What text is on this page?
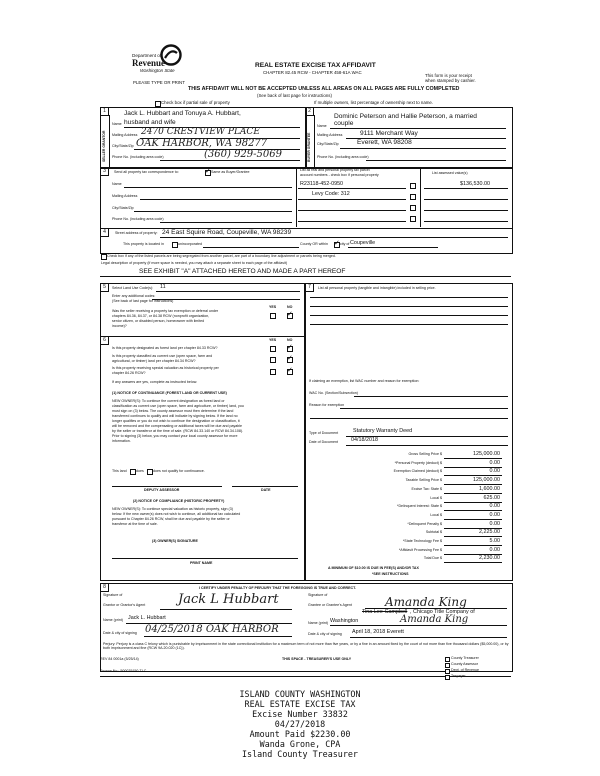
Department of
Revenue
Washington State
PLEASE TYPE OR PRINT
REAL ESTATE EXCISE TAX AFFIDAVIT
CHAPTER 82.45 RCW - CHAPTER 458-61A WAC
This form is your receipt
when stamped by cashier.
THIS AFFIDAVIT WILL NOT BE ACCEPTED UNLESS ALL AREAS ON ALL PAGES ARE FULLY COMPLETED
(See back of last page for instructions)
Check box if partial sale of property	If multiple owners, list percentage of ownership next to name.
1	2
SELLER GRANTOR	BUYER GRANTEE
Jack L. Hubbart and Tonuya A. Hubbart,
Name husband and wife
Mailing Address 2470 CRESTVIEW PLACE
City/State/Zip OAK HARBOR, WA 98277
Phone No. (including area code)	(360) 929-5069
Dominic Peterson and Hallie Peterson, a married
Name couple
Mailing Address	9111 Merchant Way
City/State/Zip	Everett, WA 98208
Phone No. (including area code)
3	Send all property tax correspondence to:	✓ Same as Buyer/Grantee
Name
Mailing Address
City/State/Zip
Phone No. (including area code)
List all real and personal property tax parcel
account numbers - check box if personal property	List assessed value(s)
R23118-452-0950	$136,530.00
Levy Code: 312
4	Street address of property: 24 East Squire Road, Coupeville, WA 98239
This property is located in	unincorporated	County OR within ✓ city of Coupeville
Check box if any of the listed parcels are being segregated from another parcel, are part of a boundary line adjustment or parcels being merged.
Legal description of property (if more space is needed, you may attach a separate sheet to each page of the affidavit)
SEE EXHIBIT "A" ATTACHED HERETO AND MADE A PART HEREOF
5	Select Land Use Code(s): 11
Enter any additional codes:
(See back of last page for instructions)
YES	NO
Was the seller receiving a property tax exemption or deferral under
chapters 84.36, 84.37, or 84.38 RCW (nonprofit organization,
senior citizen, or disabled person, homeowner with limited
income)?
✓
6	YES	NO
Is this property designated as forest land per chapter 84.33 RCW?	✓
Is this property classified as current use (open space, farm and
agricultural, or timber) land per chapter 84.34 RCW?	✓
Is this property receiving special valuation as historical property per
chapter 84.26 RCW?	✓
If any answers are yes, complete as instructed below.
(1) NOTICE OF CONTINUANCE (FOREST LAND OR CURRENT USE)
NEW OWNER(S): To continue the current designation as forest land or
classification as current use (open space, farm and agriculture, or timber) land, you
must sign on (3) below. The county assessor must then determine if the land
transferred continues to qualify and will indicate by signing below. If the land no
longer qualifies or you do not wish to continue the designation or classification, it
will be removed and the compensating or additional taxes will be due and payable
by the seller or transferor at the time of sale. (RCW 84.33.140 or RCW 84.34.108).
Prior to signing (3) below, you may contact your local county assessor for more
information.
This land	does	does not qualify for continuance.
DEPUTY ASSESSOR	DATE
(2) NOTICE OF COMPLIANCE (HISTORIC PROPERTY)
NEW OWNER(S): To continue special valuation as historic property, sign (3)
below. If the new owner(s) does not wish to continue, all additional tax calculated
pursuant to Chapter 84.26 RCW, shall be due and payable by the seller or
transferor at the time of sale.
(3) OWNER(S) SIGNATURE
PRINT NAME
7	List all personal property (tangible and intangible) included in selling price.
If claiming an exemption, list WAC number and reason for exemption:
WAC No. (Section/Subsection)
Reason for exemption
Type of Document	Statutory Warranty Deed
Date of Document 04/18/2018
Gross Selling Price $	125,000.00
*Personal Property (deduct) $	0.00
Exemption Claimed (deduct) $	0.00
Taxable Selling Price $	125,000.00
Excise Tax: State $	1,600.00
Local $	625.00
*Delinquent Interest: State $	0.00
Local $	0.00
*Delinquent Penalty $	0.00
Subtotal $	2,225.00
*State Technology Fee $	5.00
*Affidavit Processing Fee $	0.00
Total Due $	2,230.00
A MINIMUM OF $10.00 IS DUE IN FEE(S) AND/OR TAX
*SEE INSTRUCTIONS
8	I CERTIFY UNDER PENALTY OF PERJURY THAT THE FOREGOING IS TRUE AND CORRECT.
Signature of
Grantor or Grantor's Agent	Jack L Hubbart	Signature of
Grantee or Grantee's Agent	Amanda King
Name (print) Jack L. Hubbart
Name (print)
Tina Lee-Campbell , Chicago Title Company of
Washington	Amanda King
Date & city of signing 04/25/2018 OAK HARBOR	Date & city of signing April 18, 2018 Everett
Perjury: Perjury is a class C felony which is punishable by imprisonment in the state correctional institution for a maximum term of not more than five years, or by a fine in an amount fixed by the court of not more than five thousand dollars ($5,000.00), or by both imprisonment and fine (RCW 9A.20.020 (1C)).
REV 84 0001a (5/25/14)	THIS SPACE - TREASURER'S USE ONLY
Escrow No.: 500079150-TLC
County Treasurer
County Assessor
Dept. of Revenue
Taxpayer
ISLAND COUNTY WASHINGTON
REAL ESTATE EXCISE TAX
Excise Number 33832
04/27/2018
Amount Paid $2230.00
Wanda Grone, CPA
Island County Treasurer
